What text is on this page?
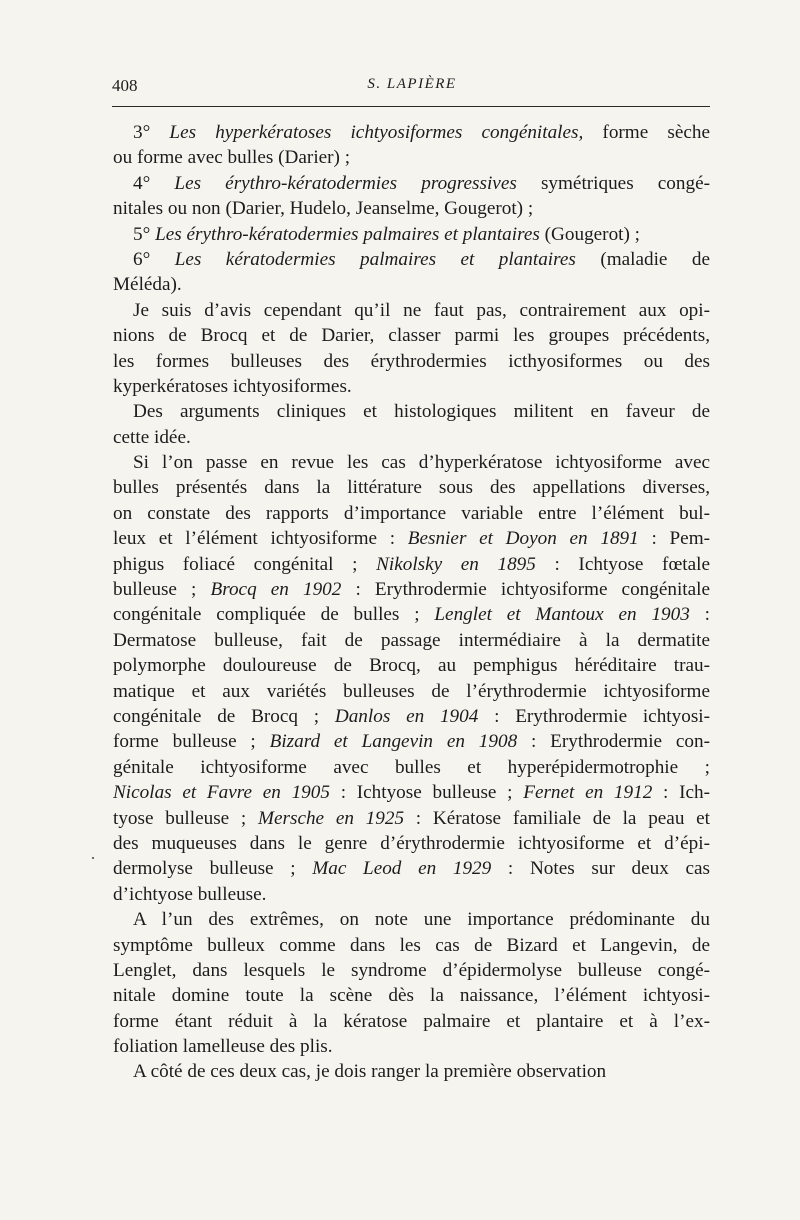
408	S. LAPIÈRE
·
3° Les hyperkératoses ichtyosiformes congénitales, forme sèche
ou forme avec bulles (Darier) ;
4° Les érythro-kératodermies progressives symétriques congé-
nitales ou non (Darier, Hudelo, Jeanselme, Gougerot) ;
5° Les érythro-kératodermies palmaires et plantaires (Gougerot) ;
6° Les kératodermies palmaires et plantaires (maladie de
Méléda).
Je suis d’avis cependant qu’il ne faut pas, contrairement aux opi-
nions de Brocq et de Darier, classer parmi les groupes précédents,
les formes bulleuses des érythrodermies icthyosiformes ou des
kyperkératoses ichtyosiformes.
Des arguments cliniques et histologiques militent en faveur de
cette idée.
Si l’on passe en revue les cas d’hyperkératose ichtyosiforme avec
bulles présentés dans la littérature sous des appellations diverses,
on constate des rapports d’importance variable entre l’élément bul-
leux et l’élément ichtyosiforme : Besnier et Doyon en 1891 : Pem-
phigus foliacé congénital ; Nikolsky en 1895 : Ichtyose fœtale
bulleuse ; Brocq en 1902 : Erythrodermie ichtyosiforme congénitale
congénitale compliquée de bulles ; Lenglet et Mantoux en 1903 :
Dermatose bulleuse, fait de passage intermédiaire à la dermatite
polymorphe douloureuse de Brocq, au pemphigus héréditaire trau-
matique et aux variétés bulleuses de l’érythrodermie ichtyosiforme
congénitale de Brocq ; Danlos en 1904 : Erythrodermie ichtyosi-
forme bulleuse ; Bizard et Langevin en 1908 : Erythrodermie con-
génitale ichtyosiforme avec bulles et hyperépidermotrophie ;
Nicolas et Favre en 1905 : Ichtyose bulleuse ; Fernet en 1912 : Ich-
tyose bulleuse ; Mersche en 1925 : Kératose familiale de la peau et
des muqueuses dans le genre d’érythrodermie ichtyosiforme et d’épi-
dermolyse bulleuse ; Mac Leod en 1929 : Notes sur deux cas
d’ichtyose bulleuse.
A l’un des extrêmes, on note une importance prédominante du
symptôme bulleux comme dans les cas de Bizard et Langevin, de
Lenglet, dans lesquels le syndrome d’épidermolyse bulleuse congé-
nitale domine toute la scène dès la naissance, l’élément ichtyosi-
forme étant réduit à la kératose palmaire et plantaire et à l’ex-
foliation lamelleuse des plis.
A côté de ces deux cas, je dois ranger la première observation
